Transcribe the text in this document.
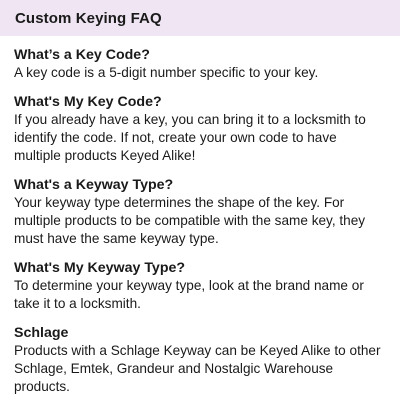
Custom Keying FAQ

What’s a Key Code?

A key code is a 5-digit number specific to your key.

What's My Key Code?

If you already have a key, you can bring it to a locksmith to identify the code. If not, create your own code to have multiple products Keyed Alike!

What's a Keyway Type?

Your keyway type determines the shape of the key. For multiple products to be compatible with the same key, they must have the same keyway type.

What's My Keyway Type?

To determine your keyway type, look at the brand name or take it to a locksmith.

Schlage

Products with a Schlage Keyway can be Keyed Alike to other Schlage, Emtek, Grandeur and Nostalgic Warehouse products.
